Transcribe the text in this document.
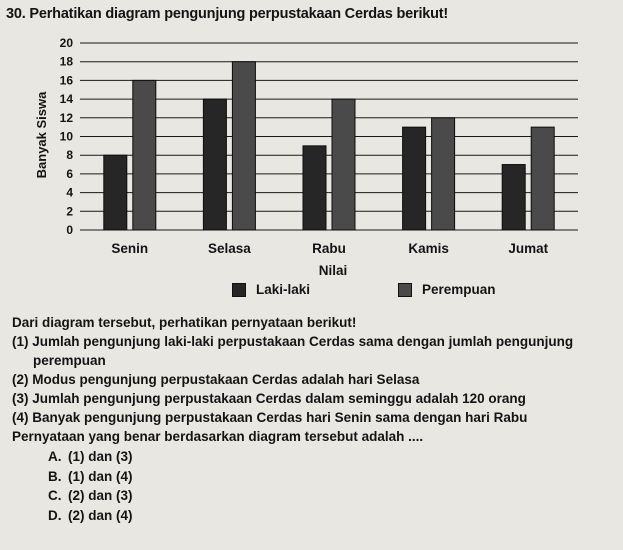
30. Perhatikan diagram pengunjung perpustakaan Cerdas berikut!
0
2
4
6
8
10
12
14
16
18
20
Senin	Selasa	Rabu	Kamis	Jumat
Banyak Siswa
Nilai
Laki-laki	Perempuan

Dari diagram tersebut, perhatikan pernyataan berikut!

(1) Jumlah pengunjung laki-laki perpustakaan Cerdas sama dengan jumlah pengunjung perempuan
(2) Modus pengunjung perpustakaan Cerdas adalah hari Selasa
(3) Jumlah pengunjung perpustakaan Cerdas dalam seminggu adalah 120 orang
(4) Banyak pengunjung perpustakaan Cerdas hari Senin sama dengan hari Rabu

Pernyataan yang benar berdasarkan diagram tersebut adalah ....

A. (1) dan (3)
B. (1) dan (4)
C. (2) dan (3)
D. (2) dan (4)
